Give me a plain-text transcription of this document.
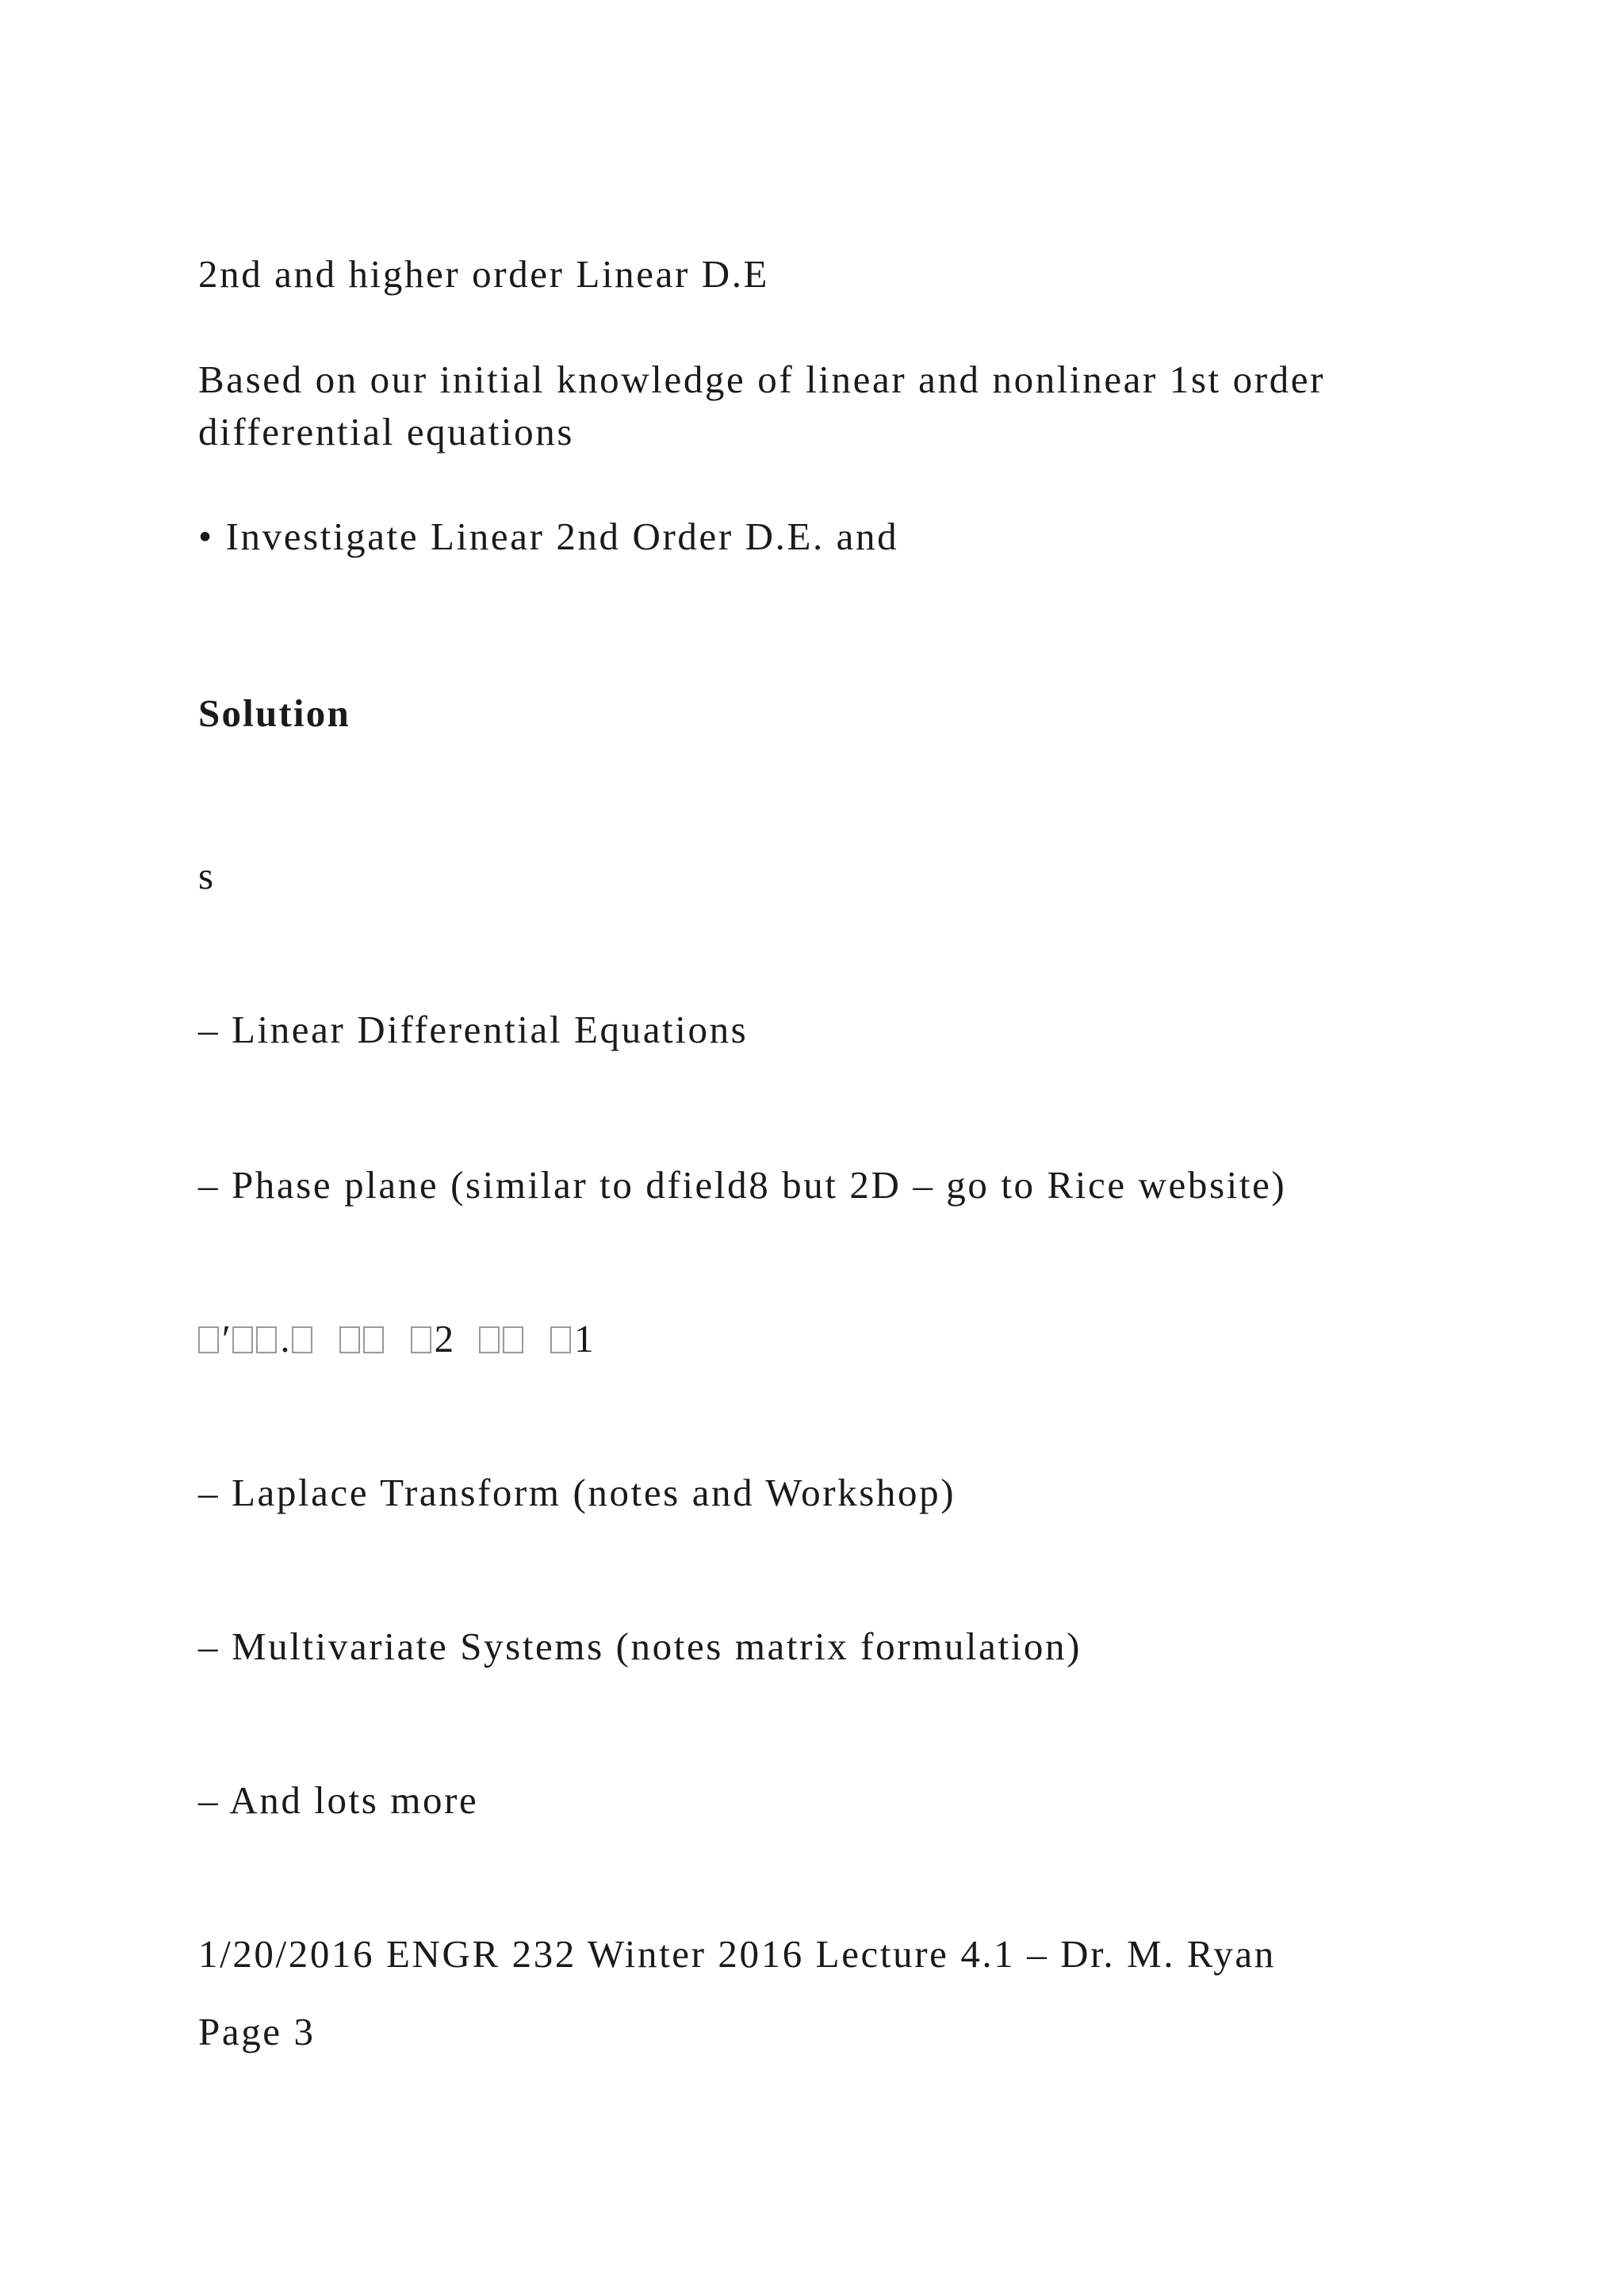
2nd and higher order Linear D.E
Based on our initial knowledge of linear and nonlinear 1st order differential equations
• Investigate Linear 2nd Order D.E. and
Solution
s
– Linear Differential Equations
– Phase plane (similar to dfield8 but 2D – go to Rice website)
′ .	2	1
– Laplace Transform (notes and Workshop)
– Multivariate Systems (notes matrix formulation)
– And lots more
1/20/2016 ENGR 232 Winter 2016 Lecture 4.1 – Dr. M. Ryan
Page 3
